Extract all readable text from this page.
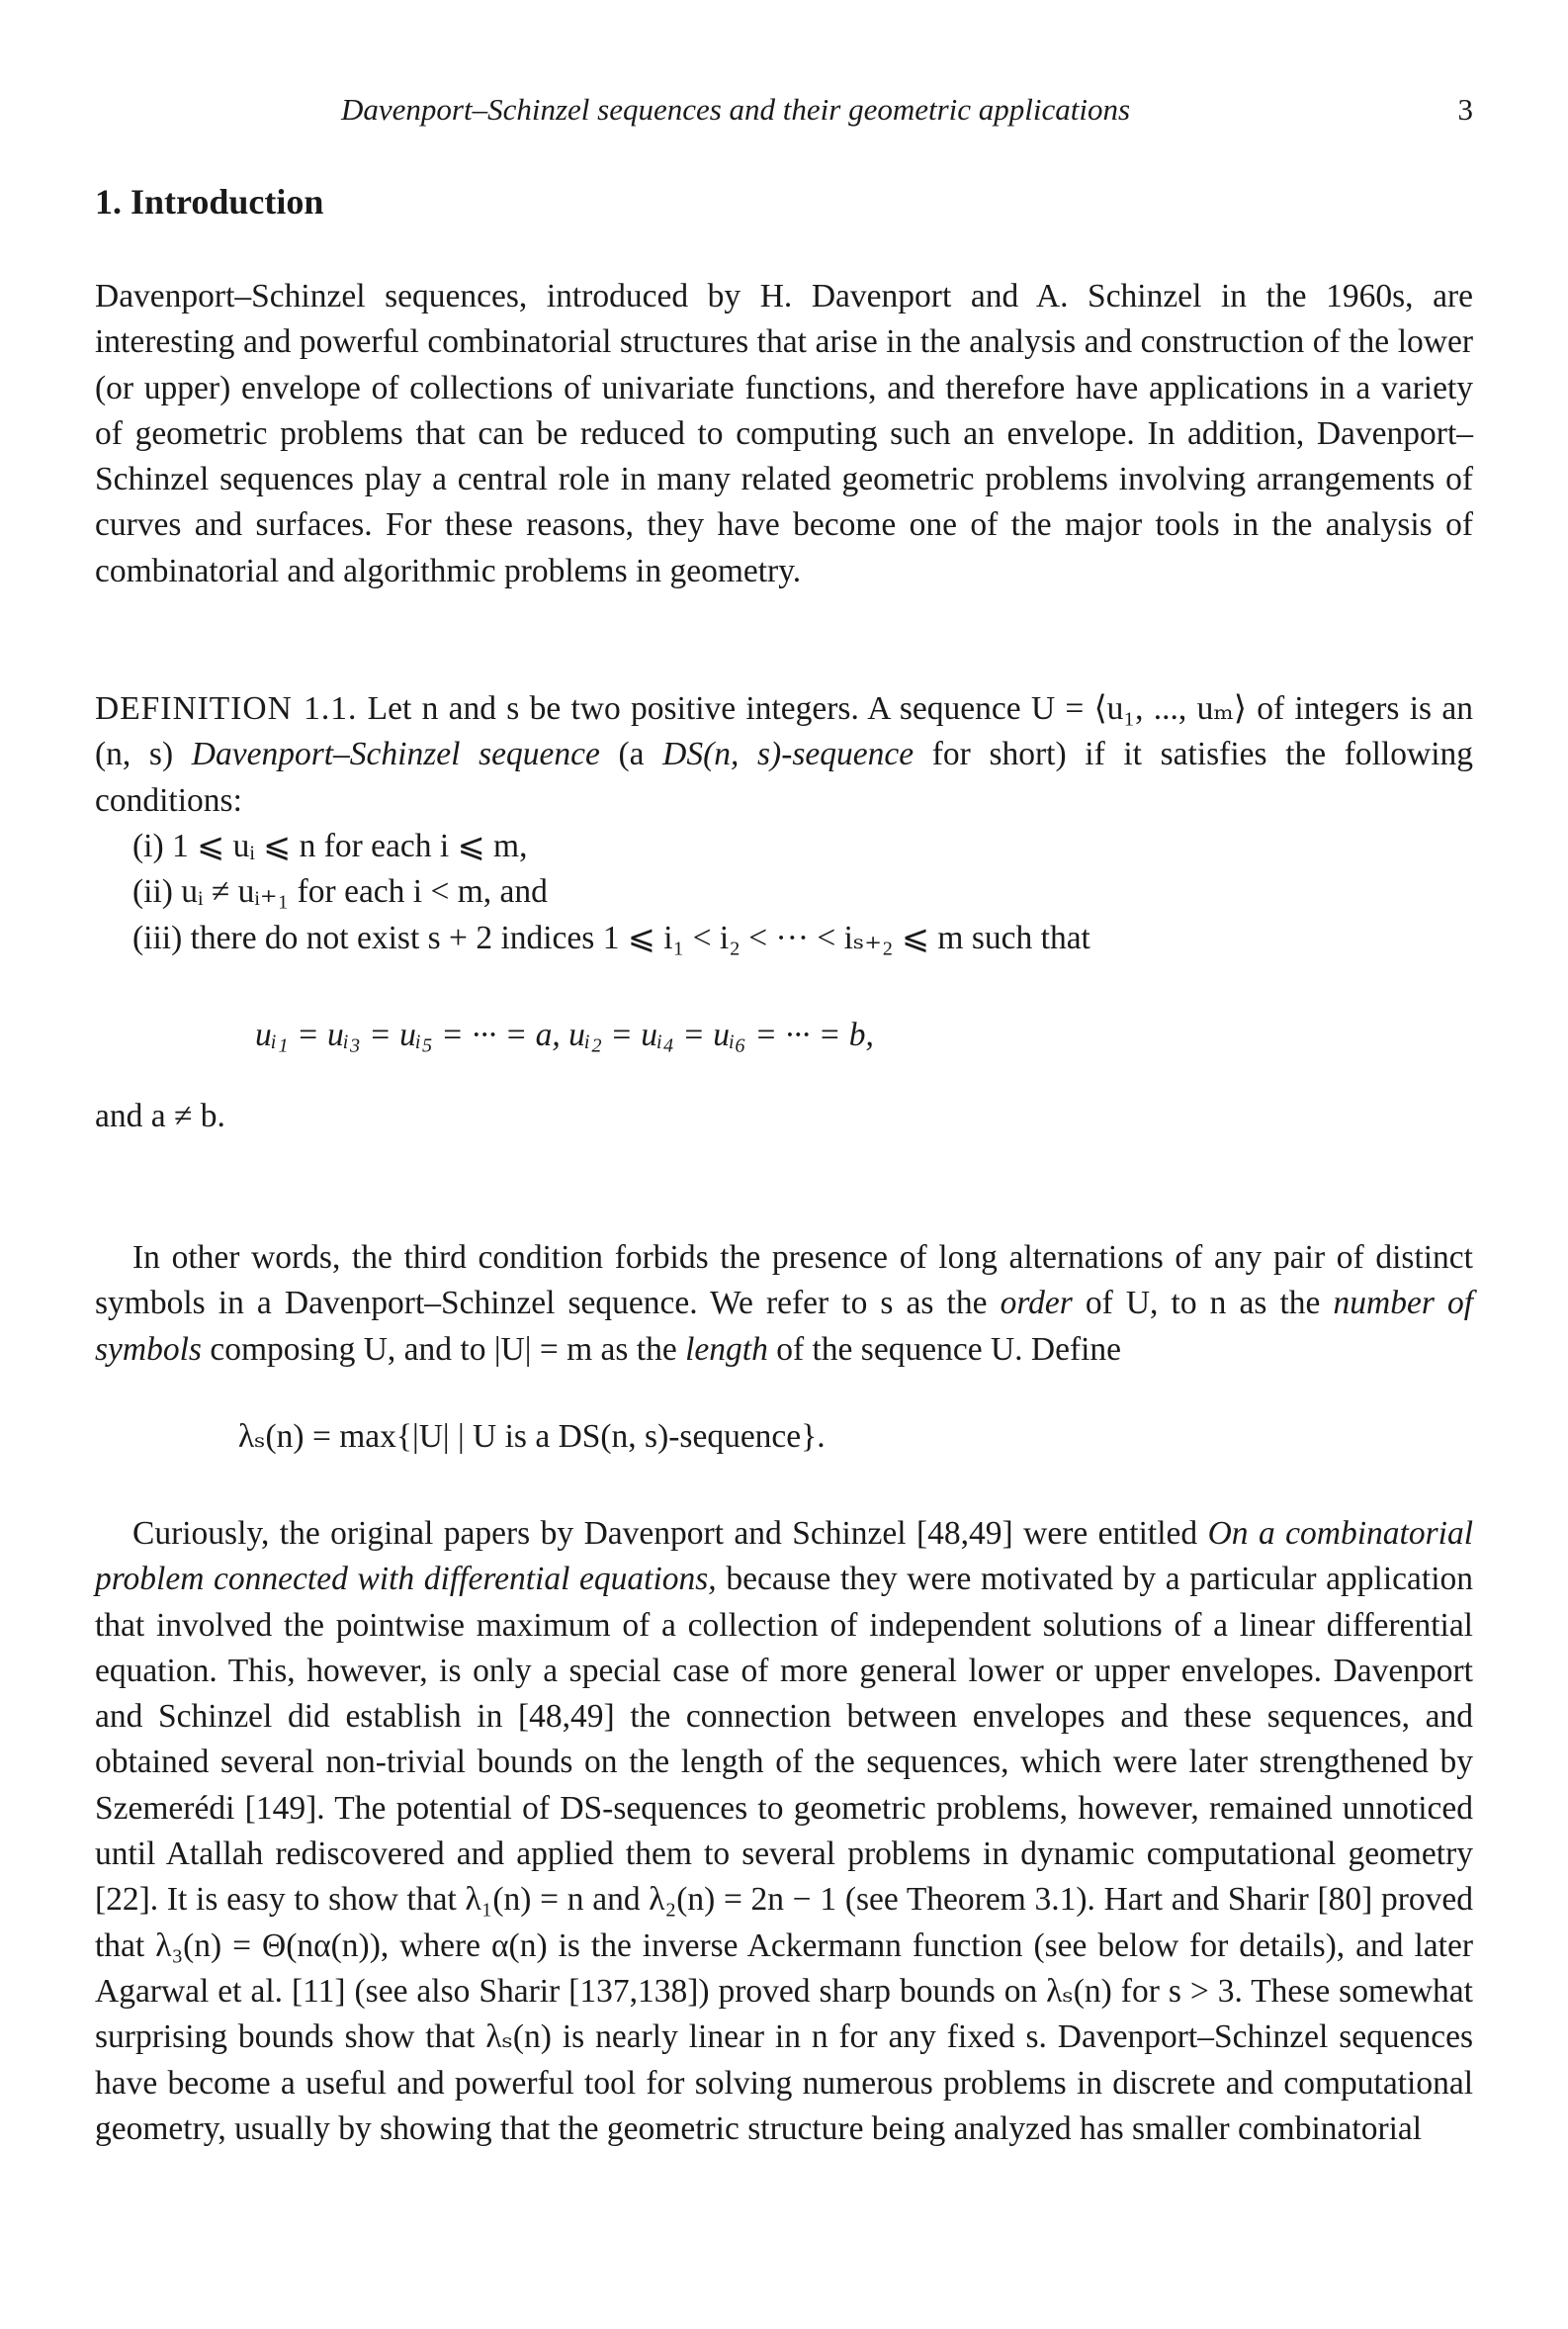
Davenport–Schinzel sequences and their geometric applications	3
1. Introduction

Davenport–Schinzel sequences, introduced by H. Davenport and A. Schinzel in the 1960s, are interesting and powerful combinatorial structures that arise in the analysis and construction of the lower (or upper) envelope of collections of univariate functions, and therefore have applications in a variety of geometric problems that can be reduced to computing such an envelope. In addition, Davenport–Schinzel sequences play a central role in many related geometric problems involving arrangements of curves and surfaces. For these reasons, they have become one of the major tools in the analysis of combinatorial and algorithmic problems in geometry.

DEFINITION 1.1. Let n and s be two positive integers. A sequence U = ⟨u₁, ..., uₘ⟩ of integers is an (n, s) Davenport–Schinzel sequence (a DS(n, s)-sequence for short) if it satisfies the following conditions:

(i) 1 ⩽ uᵢ ⩽ n for each i ⩽ m,
(ii) uᵢ ≠ uᵢ₊₁ for each i < m, and
(iii) there do not exist s + 2 indices 1 ⩽ i₁ < i₂ < ··· < iₛ₊₂ ⩽ m such that
uᵢ₁ = uᵢ₃ = uᵢ₅ = ··· = a, uᵢ₂ = uᵢ₄ = uᵢ₆ = ··· = b,
and a ≠ b.

In other words, the third condition forbids the presence of long alternations of any pair of distinct symbols in a Davenport–Schinzel sequence. We refer to s as the order of U, to n as the number of symbols composing U, and to |U| = m as the length of the sequence U. Define

λₛ(n) = max{|U| | U is a DS(n, s)-sequence}.

Curiously, the original papers by Davenport and Schinzel [48,49] were entitled On a combinatorial problem connected with differential equations, because they were motivated by a particular application that involved the pointwise maximum of a collection of independent solutions of a linear differential equation. This, however, is only a special case of more general lower or upper envelopes. Davenport and Schinzel did establish in [48,49] the connection between envelopes and these sequences, and obtained several non-trivial bounds on the length of the sequences, which were later strengthened by Szemerédi [149]. The potential of DS-sequences to geometric problems, however, remained unnoticed until Atallah rediscovered and applied them to several problems in dynamic computational geometry [22]. It is easy to show that λ₁(n) = n and λ₂(n) = 2n − 1 (see Theorem 3.1). Hart and Sharir [80] proved that λ₃(n) = Θ(nα(n)), where α(n) is the inverse Ackermann function (see below for details), and later Agarwal et al. [11] (see also Sharir [137,138]) proved sharp bounds on λₛ(n) for s > 3. These somewhat surprising bounds show that λₛ(n) is nearly linear in n for any fixed s. Davenport–Schinzel sequences have become a useful and powerful tool for solving numerous problems in discrete and computational geometry, usually by showing that the geometric structure being analyzed has smaller combinatorial
